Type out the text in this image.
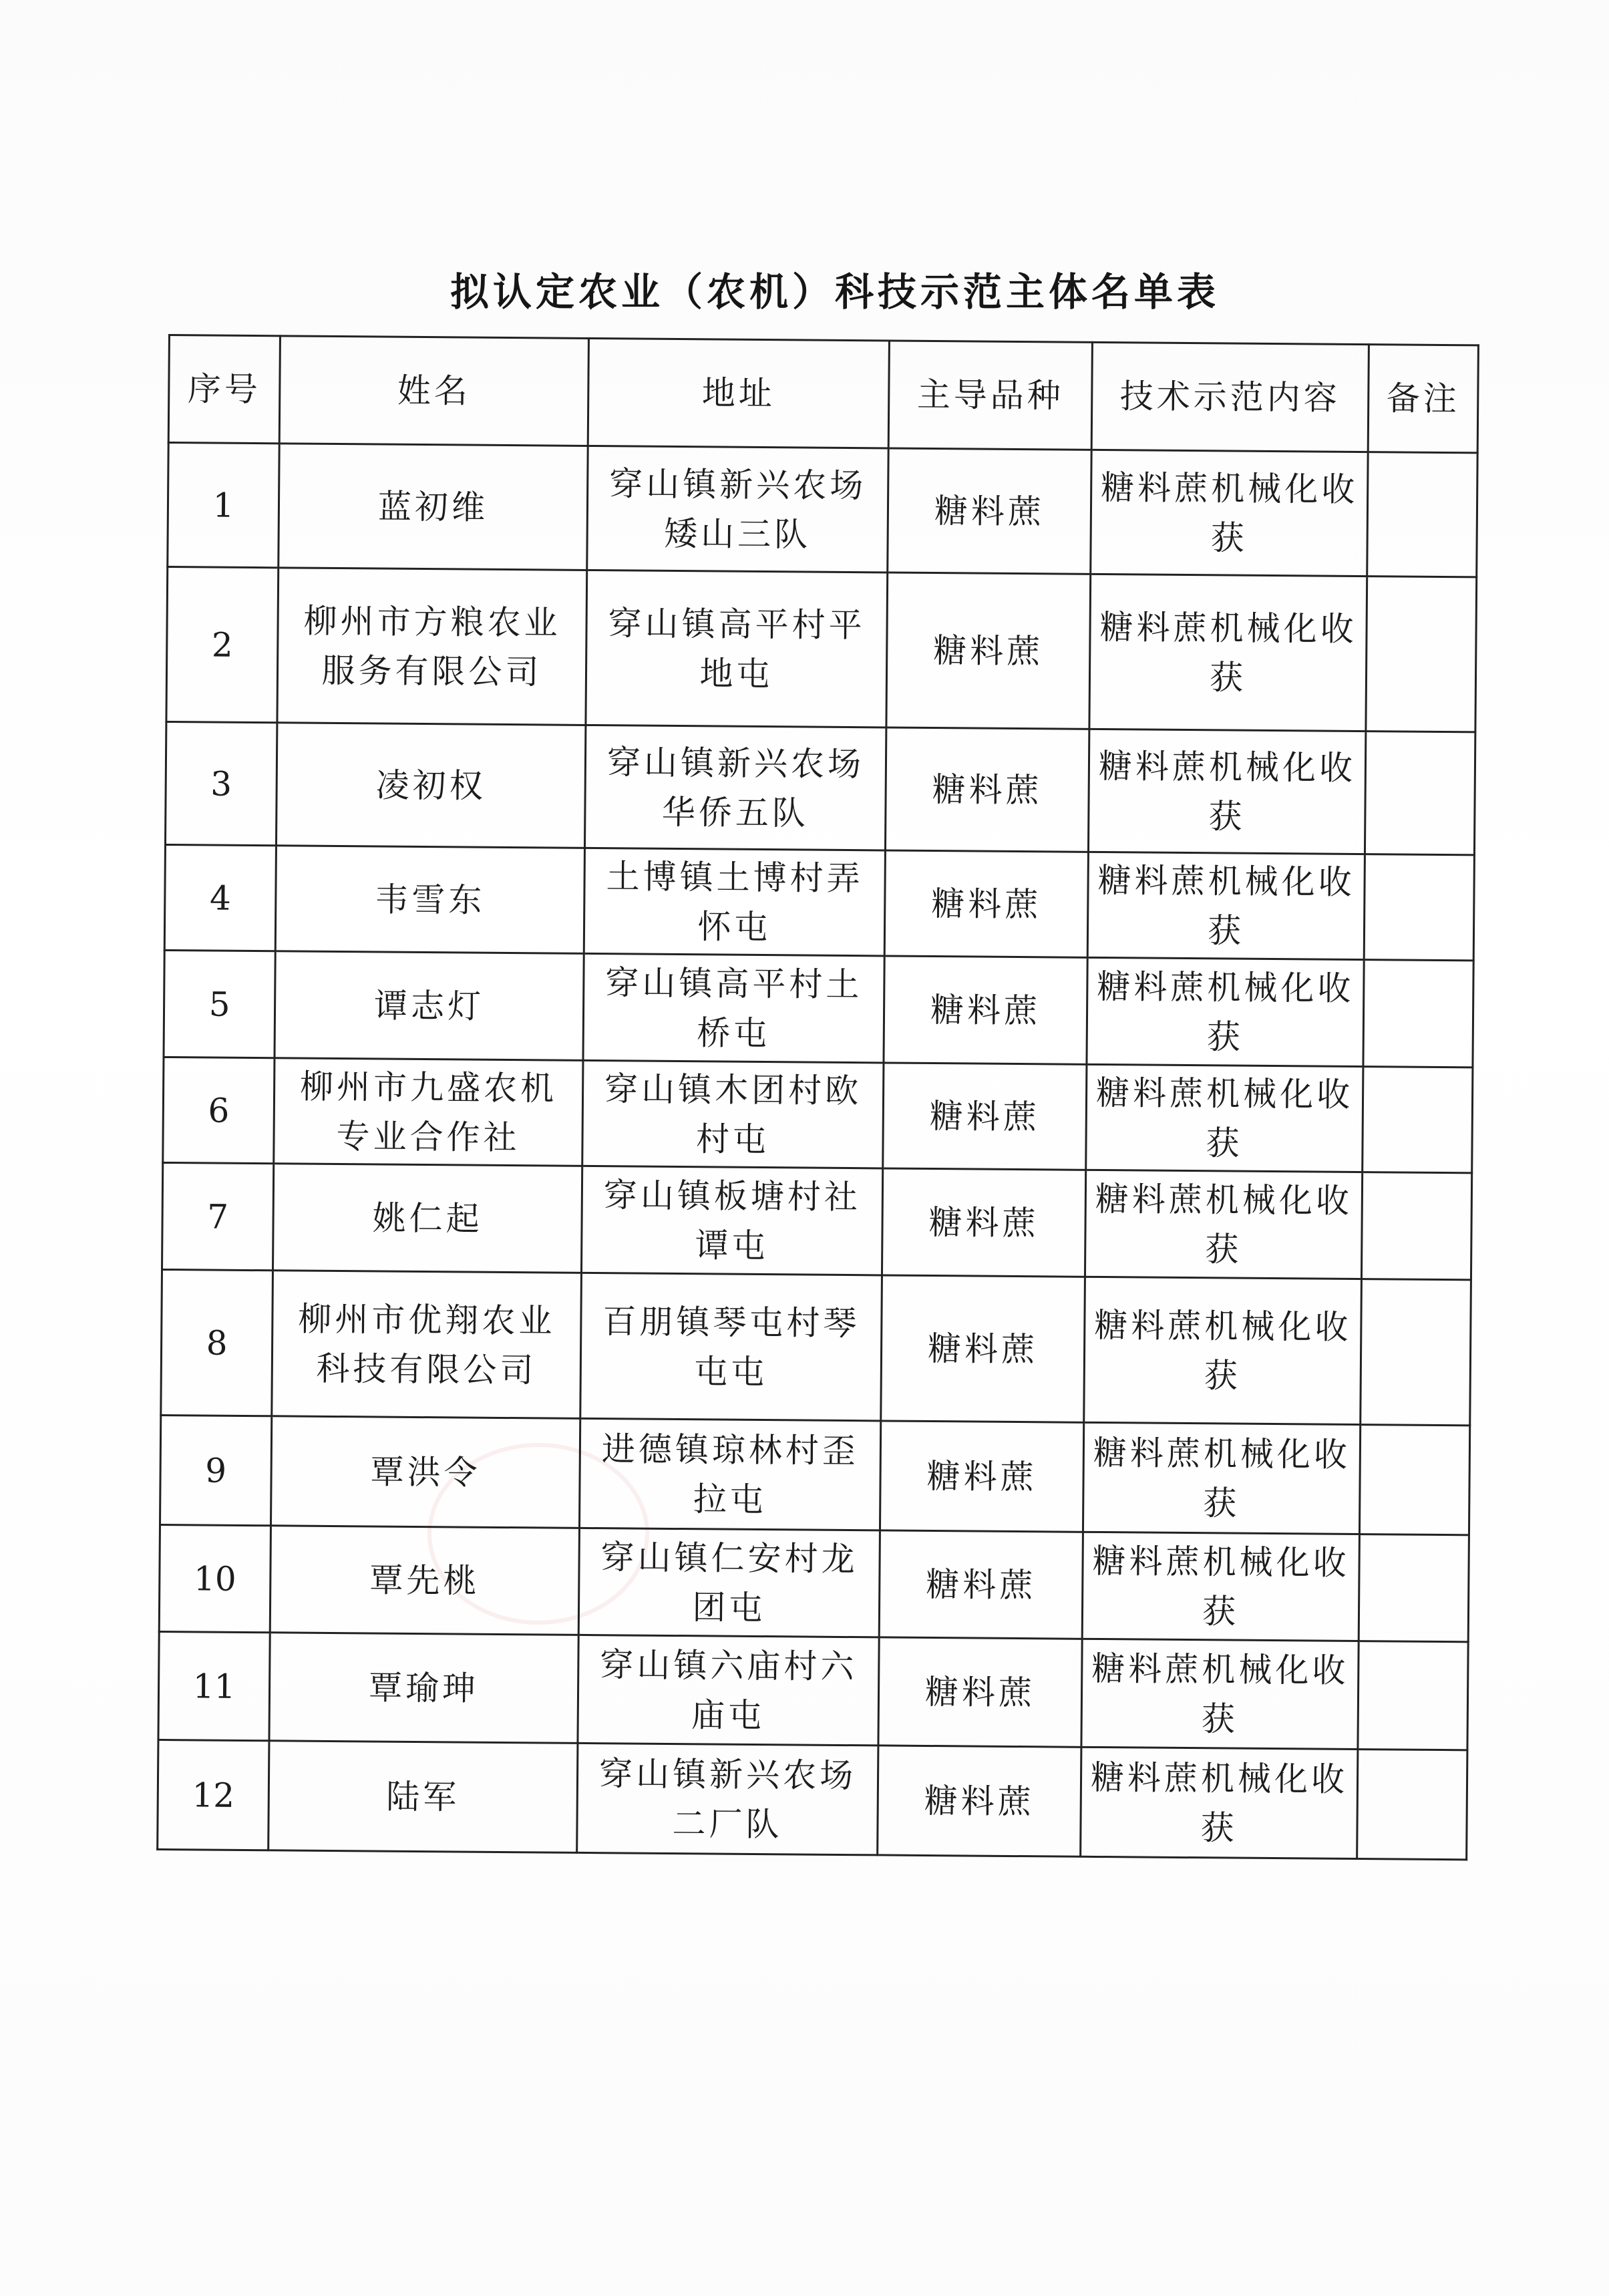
拟认定农业（农机）科技示范主体名单表
序号	姓名	地址	主导品种	技术示范内容	备注
1	蓝初维	穿山镇新兴农场矮山三队	糖料蔗	糖料蔗机械化收获	
2	柳州市方粮农业服务有限公司	穿山镇高平村平地屯	糖料蔗	糖料蔗机械化收获	
3	凌初权	穿山镇新兴农场华侨五队	糖料蔗	糖料蔗机械化收获	
4	韦雪东	土博镇土博村弄怀屯	糖料蔗	糖料蔗机械化收获	
5	谭志灯	穿山镇高平村土桥屯	糖料蔗	糖料蔗机械化收获	
6	柳州市九盛农机专业合作社	穿山镇木团村欧村屯	糖料蔗	糖料蔗机械化收获	
7	姚仁起	穿山镇板塘村社谭屯	糖料蔗	糖料蔗机械化收获	
8	柳州市优翔农业科技有限公司	百朋镇琴屯村琴屯屯	糖料蔗	糖料蔗机械化收获	
9	覃洪令	进德镇琼林村歪拉屯	糖料蔗	糖料蔗机械化收获	
10	覃先桃	穿山镇仁安村龙团屯	糖料蔗	糖料蔗机械化收获	
11	覃瑜珅	穿山镇六庙村六庙屯	糖料蔗	糖料蔗机械化收获	
12	陆军	穿山镇新兴农场二厂队	糖料蔗	糖料蔗机械化收获	
